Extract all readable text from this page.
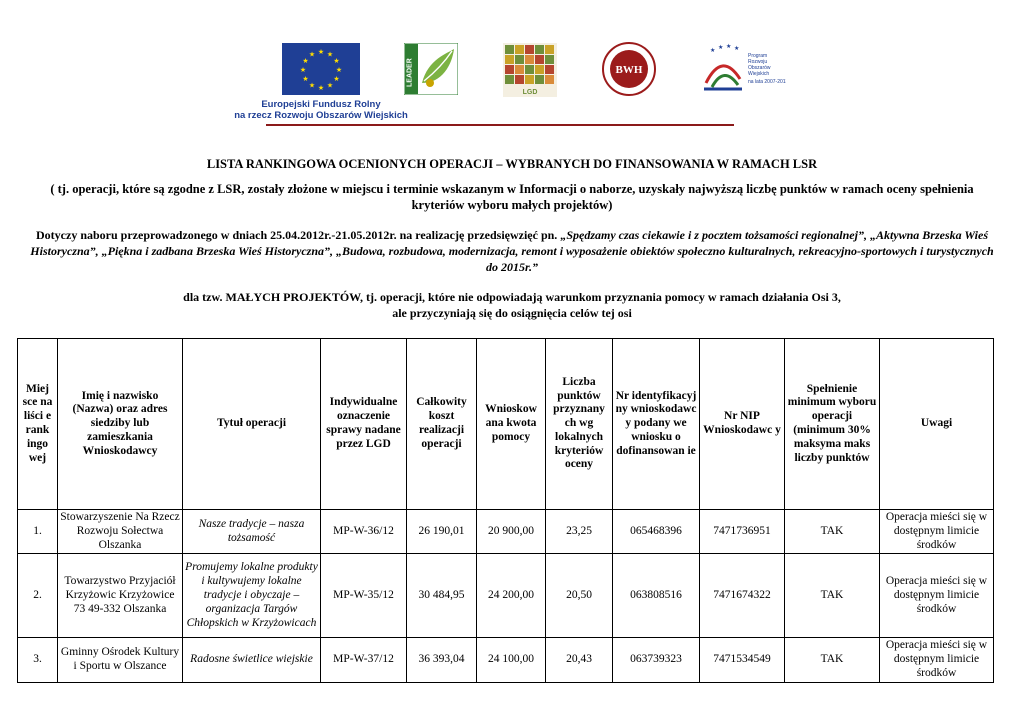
★ ★
★
★
★
★
★
★
★
★
★
★
Europejski Fundusz Rolny
na rzecz Rozwoju Obszarów Wiejskich
LEADER
LGD
BWH
★ ★ ★ ★
Program
Rozwoju
Obszarów
Wiejskich
na lata 2007-2013
LISTA RANKINGOWA OCENIONYCH OPERACJI – WYBRANYCH DO FINANSOWANIA W RAMACH LSR
( tj. operacji, które są zgodne z LSR, zostały złożone w miejscu i terminie wskazanym w Informacji o naborze, uzyskały najwyższą liczbę punktów w ramach oceny spełnienia kryteriów wyboru małych projektów)
Dotyczy naboru przeprowadzonego w dniach 25.04.2012r.-21.05.2012r. na realizację przedsięwzięć pn. „Spędzamy czas ciekawie i z pocztem tożsamości regionalnej”, „Aktywna Brzeska Wieś Historyczna”, „Piękna i zadbana Brzeska Wieś Historyczna”, „Budowa, rozbudowa, modernizacja, remont i wyposażenie obiektów społeczno kulturalnych, rekreacyjno-sportowych i turystycznych do 2015r.”
dla tzw. MAŁYCH PROJEKTÓW, tj. operacji, które nie odpowiadają warunkom przyznania pomocy w ramach działania Osi 3,
ale przyczyniają się do osiągnięcia celów tej osi
Miej sce na liści e rank ingo wej	Imię i nazwisko (Nazwa) oraz adres siedziby lub zamieszkania Wnioskodawcy	Tytuł operacji	Indywidualne oznaczenie sprawy nadane przez LGD	Całkowity koszt realizacji operacji	Wnioskow ana kwota pomocy	Liczba punktów przyznany ch wg lokalnych kryteriów oceny	Nr identyfikacyj ny wnioskodawc y podany we wniosku o dofinansowan ie	Nr NIP Wnioskodawc y	Spełnienie minimum wyboru operacji (minimum 30% maksyma maks liczby punktów	Uwagi
1.	Stowarzyszenie Na Rzecz Rozwoju Sołectwa Olszanka	Nasze tradycje – nasza tożsamość	MP-W-36/12	26 190,01	20 900,00	23,25	065468396	7471736951	TAK	Operacja mieści się w dostępnym limicie środków
2.	Towarzystwo Przyjaciół Krzyżowic Krzyżowice 73 49-332 Olszanka	Promujemy lokalne produkty i kultywujemy lokalne tradycje i obyczaje – organizacja Targów Chłopskich w Krzyżowicach	MP-W-35/12	30 484,95	24 200,00	20,50	063808516	7471674322	TAK	Operacja mieści się w dostępnym limicie środków
3.	Gminny Ośrodek Kultury i Sportu w Olszance	Radosne świetlice wiejskie	MP-W-37/12	36 393,04	24 100,00	20,43	063739323	7471534549	TAK	Operacja mieści się w dostępnym limicie środków
